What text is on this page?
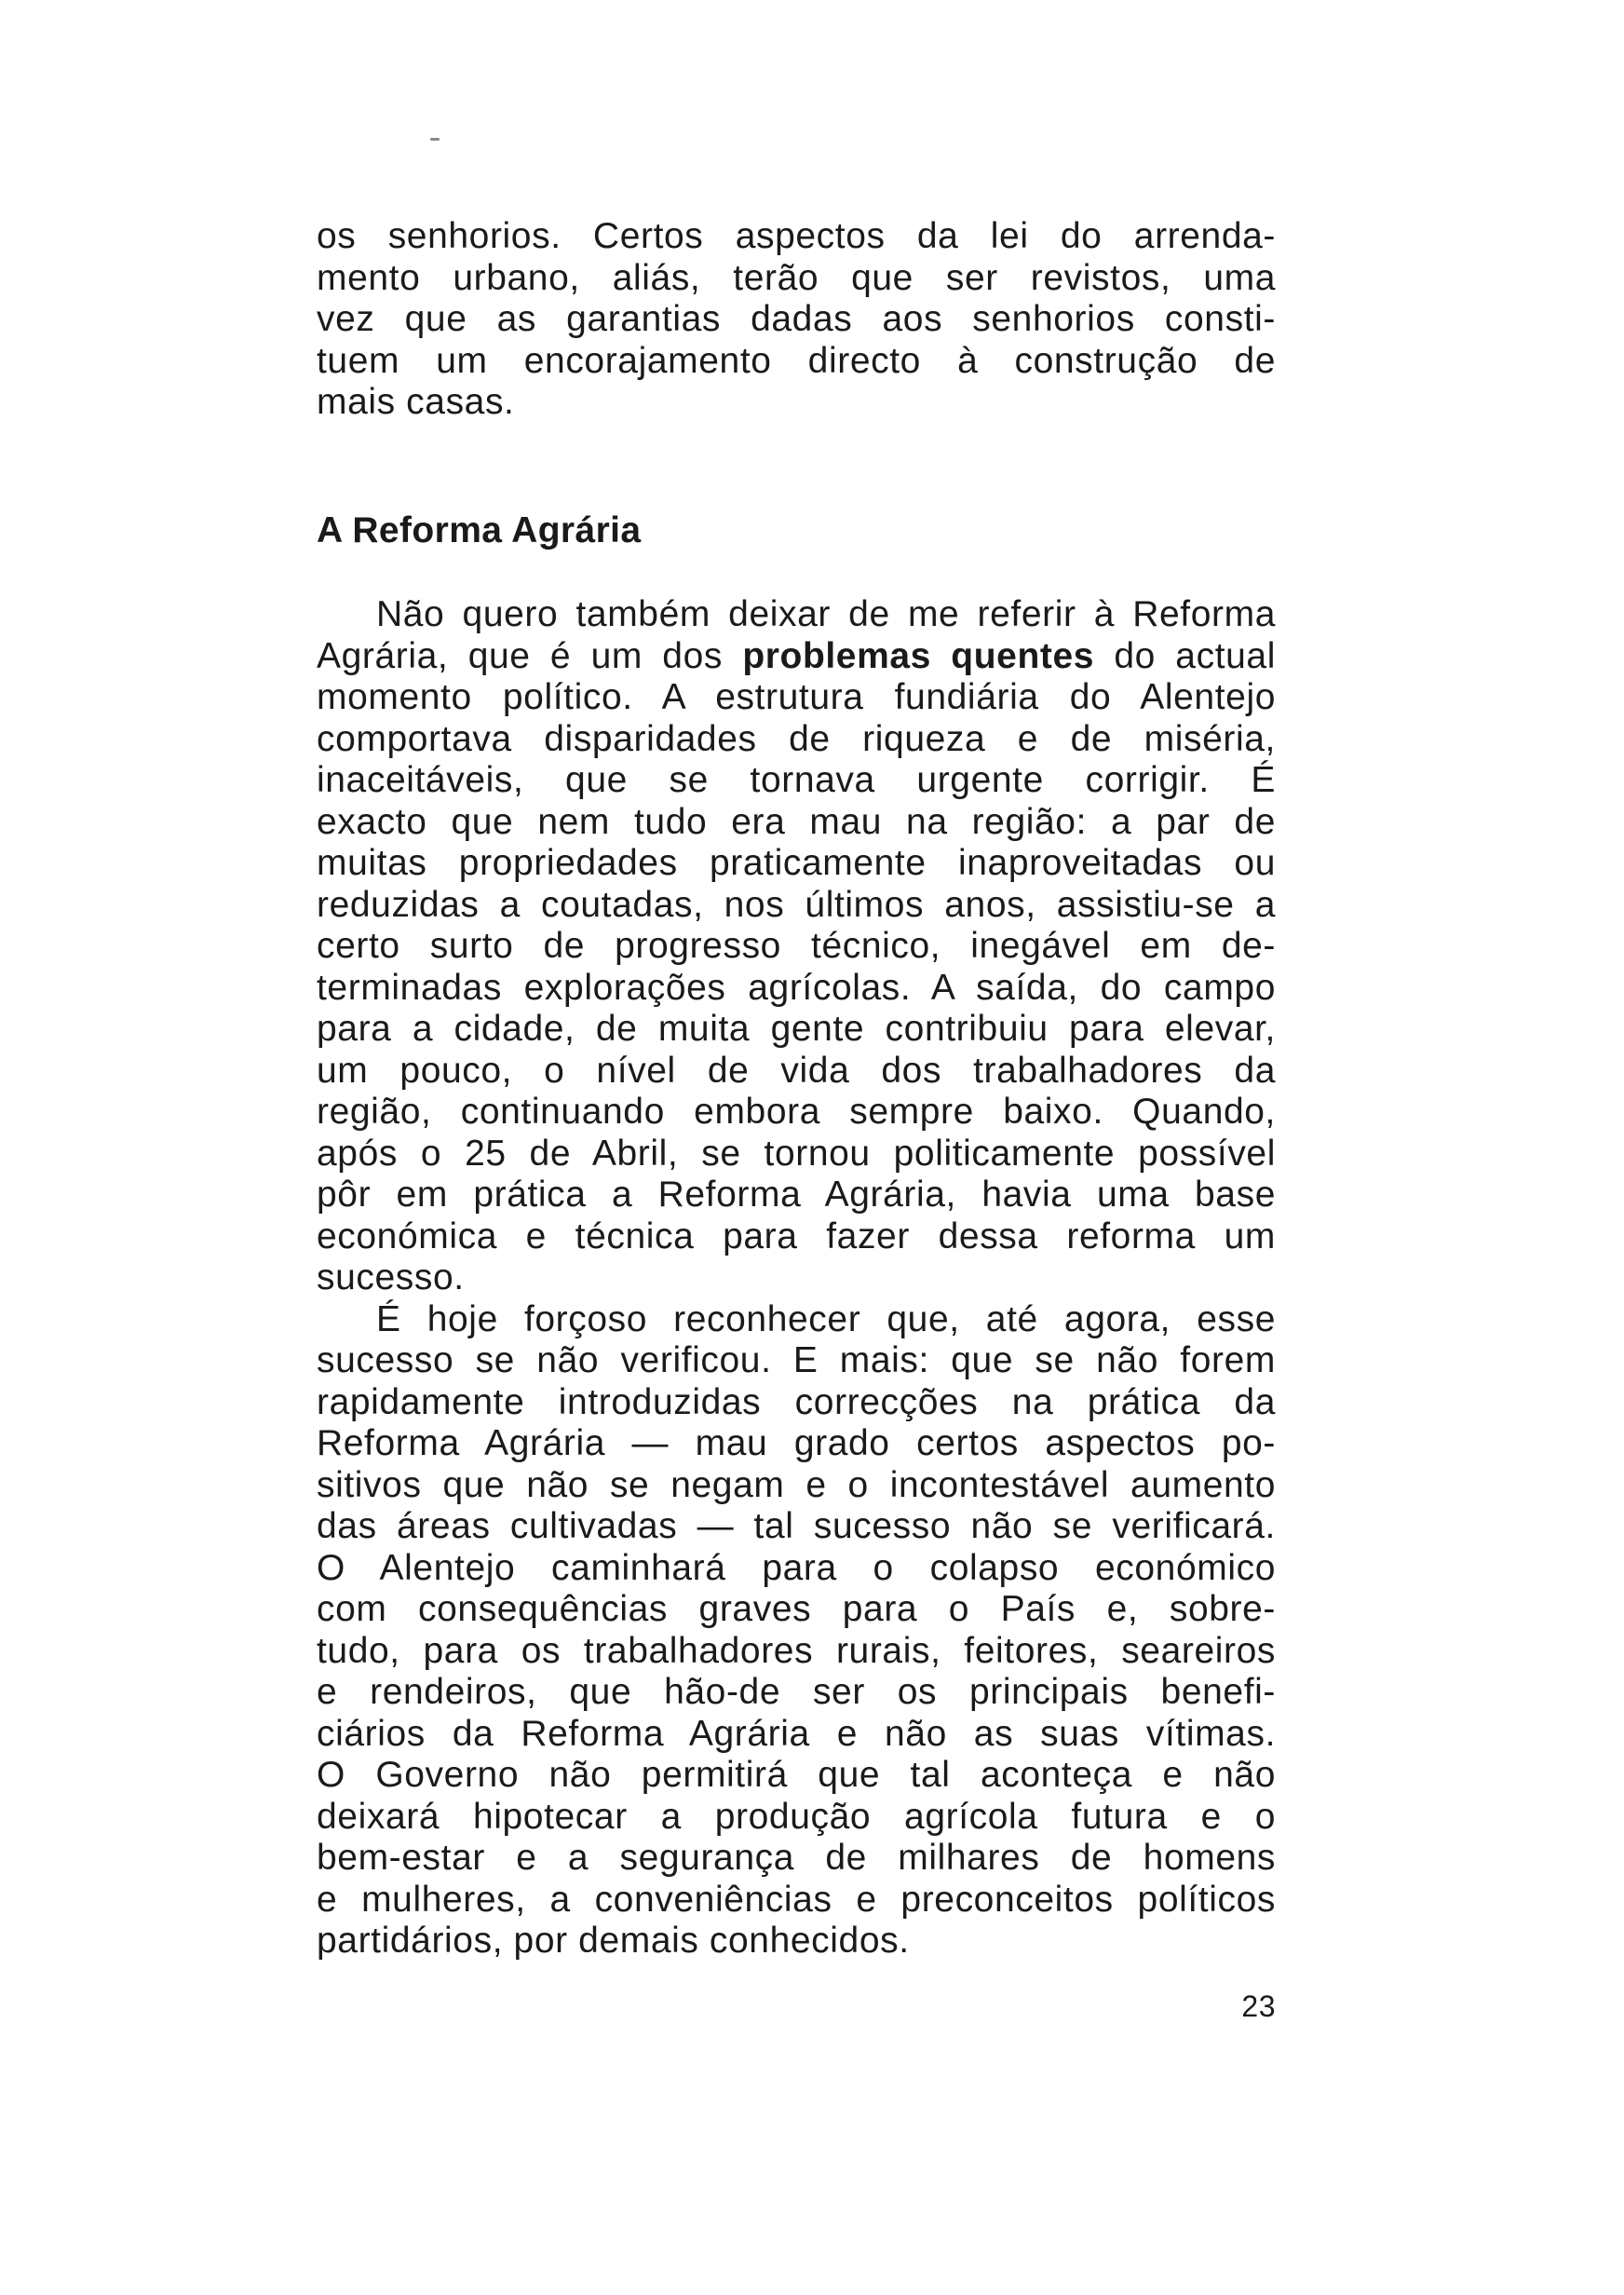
os senhorios. Certos aspectos da lei do arrenda-
mento urbano, aliás, terão que ser revistos, uma
vez que as garantias dadas aos senhorios consti-
tuem um encorajamento directo à construção de
mais casas.
A Reforma Agrária
Não quero também deixar de me referir à Reforma
Agrária, que é um dos problemas quentes do actual
momento político. A estrutura fundiária do Alentejo
comportava disparidades de riqueza e de miséria,
inaceitáveis, que se tornava urgente corrigir. É
exacto que nem tudo era mau na região: a par de
muitas propriedades praticamente inaproveitadas ou
reduzidas a coutadas, nos últimos anos, assistiu-se a
certo surto de progresso técnico, inegável em de-
terminadas explorações agrícolas. A saída, do campo
para a cidade, de muita gente contribuiu para elevar,
um pouco, o nível de vida dos trabalhadores da
região, continuando embora sempre baixo. Quando,
após o 25 de Abril, se tornou politicamente possível
pôr em prática a Reforma Agrária, havia uma base
económica e técnica para fazer dessa reforma um
sucesso.
É hoje forçoso reconhecer que, até agora, esse
sucesso se não verificou. E mais: que se não forem
rapidamente introduzidas correcções na prática da
Reforma Agrária — mau grado certos aspectos po-
sitivos que não se negam e o incontestável aumento
das áreas cultivadas — tal sucesso não se verificará.
O Alentejo caminhará para o colapso económico
com consequências graves para o País e, sobre-
tudo, para os trabalhadores rurais, feitores, seareiros
e rendeiros, que hão-de ser os principais benefi-
ciários da Reforma Agrária e não as suas vítimas.
O Governo não permitirá que tal aconteça e não
deixará hipotecar a produção agrícola futura e o
bem-estar e a segurança de milhares de homens
e mulheres, a conveniências e preconceitos políticos
partidários, por demais conhecidos.
23
